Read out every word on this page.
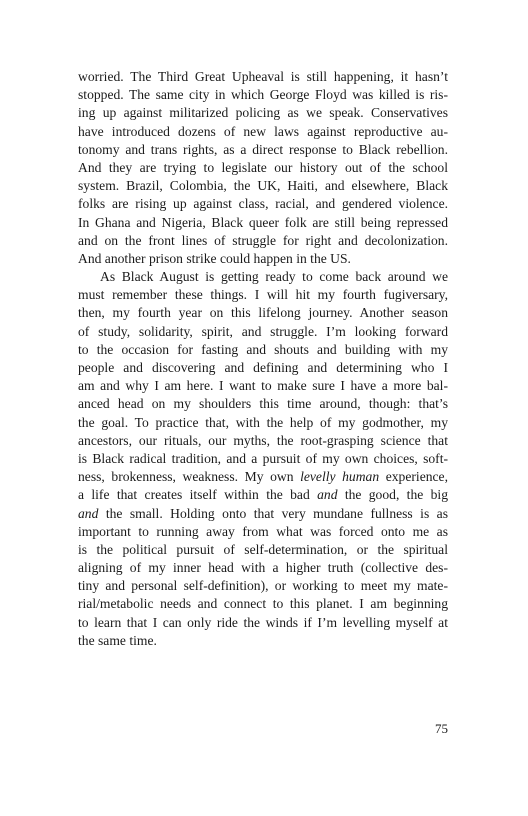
worried. The Third Great Upheaval is still happening, it hasn’t
stopped. The same city in which George Floyd was killed is ris-
ing up against militarized policing as we speak. Conservatives
have introduced dozens of new laws against reproductive au-
tonomy and trans rights, as a direct response to Black rebellion.
And they are trying to legislate our history out of the school
system. Brazil, Colombia, the UK, Haiti, and elsewhere, Black
folks are rising up against class, racial, and gendered violence.
In Ghana and Nigeria, Black queer folk are still being repressed
and on the front lines of struggle for right and decolonization.
And another prison strike could happen in the US.
As Black August is getting ready to come back around we
must remember these things. I will hit my fourth fugiversary,
then, my fourth year on this lifelong journey. Another season
of study, solidarity, spirit, and struggle. I’m looking forward
to the occasion for fasting and shouts and building with my
people and discovering and defining and determining who I
am and why I am here. I want to make sure I have a more bal-
anced head on my shoulders this time around, though: that’s
the goal. To practice that, with the help of my godmother, my
ancestors, our rituals, our myths, the root-grasping science that
is Black radical tradition, and a pursuit of my own choices, soft-
ness, brokenness, weakness. My own levelly human experience,
a life that creates itself within the bad and the good, the big
and the small. Holding onto that very mundane fullness is as
important to running away from what was forced onto me as
is the political pursuit of self-determination, or the spiritual
aligning of my inner head with a higher truth (collective des-
tiny and personal self-definition), or working to meet my mate-
rial/metabolic needs and connect to this planet. I am beginning
to learn that I can only ride the winds if I’m levelling myself at
the same time.
75
